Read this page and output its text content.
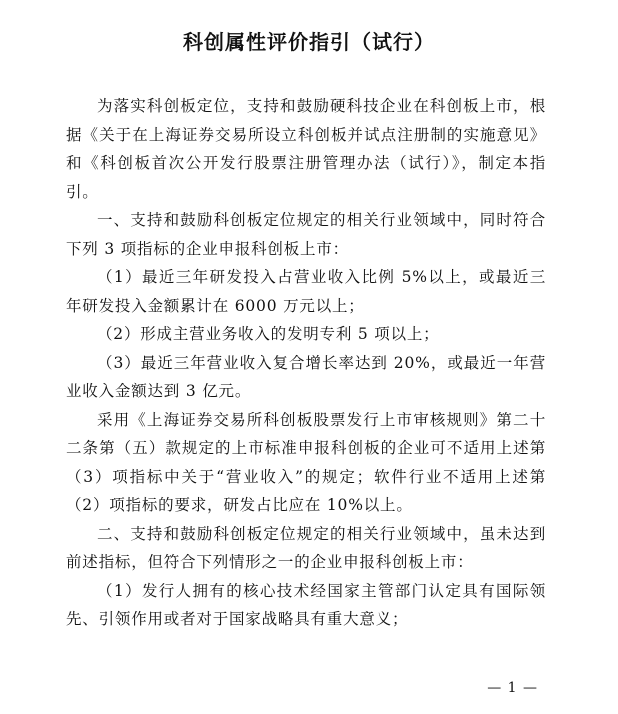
科创属性评价指引（试行）

为落实科创板定位，支持和鼓励硬科技企业在科创板上市，根据《关于在上海证券交易所设立科创板并试点注册制的实施意见》和《科创板首次公开发行股票注册管理办法（试行）》，制定本指引。

一、支持和鼓励科创板定位规定的相关行业领域中，同时符合下列 3 项指标的企业申报科创板上市：

（1）最近三年研发投入占营业收入比例 5%以上，或最近三年研发投入金额累计在 6000 万元以上；

（2）形成主营业务收入的发明专利 5 项以上；

（3）最近三年营业收入复合增长率达到 20%，或最近一年营业收入金额达到 3 亿元。

采用《上海证券交易所科创板股票发行上市审核规则》第二十二条第（五）款规定的上市标准申报科创板的企业可不适用上述第（3）项指标中关于“营业收入”的规定；软件行业不适用上述第（2）项指标的要求，研发占比应在 10%以上。

二、支持和鼓励科创板定位规定的相关行业领域中，虽未达到前述指标，但符合下列情形之一的企业申报科创板上市：

（1）发行人拥有的核心技术经国家主管部门认定具有国际领先、引领作用或者对于国家战略具有重大意义；

— 1 —
